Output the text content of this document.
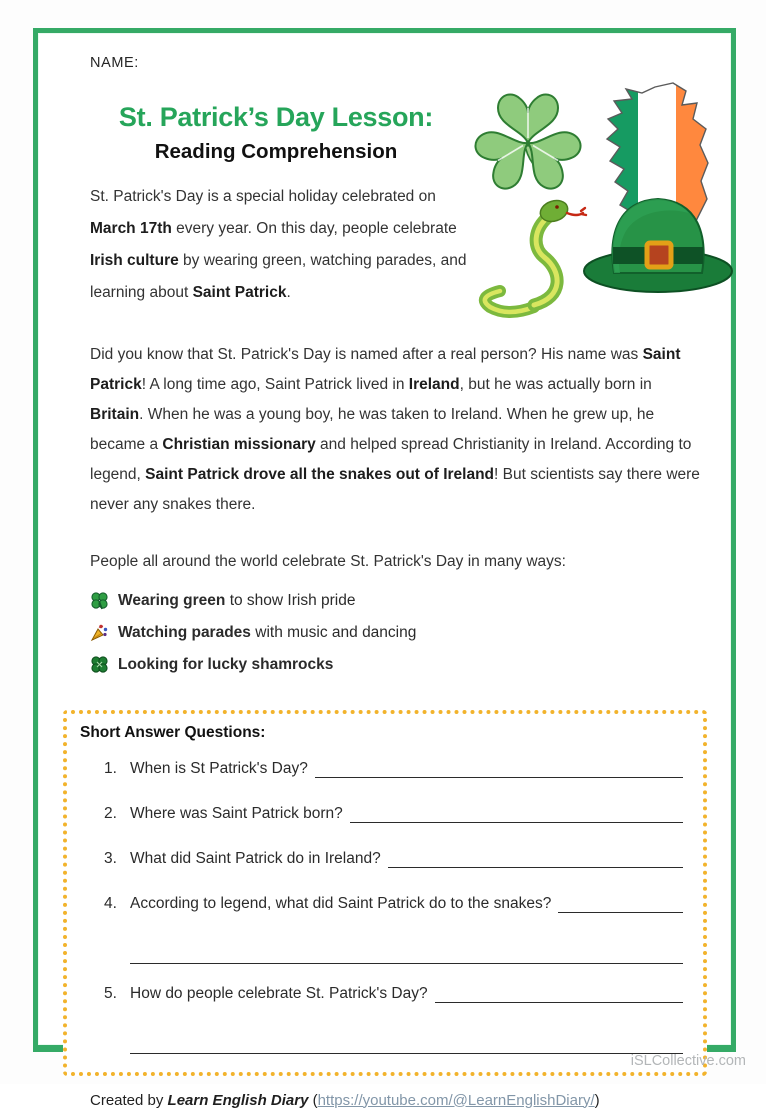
NAME:
St. Patrick’s Day Lesson:
Reading Comprehension

St. Patrick's Day is a special holiday celebrated on March 17th every year. On this day, people celebrate Irish culture by wearing green, watching parades, and learning about Saint Patrick.

Did you know that St. Patrick's Day is named after a real person? His name was Saint Patrick! A long time ago, Saint Patrick lived in Ireland, but he was actually born in Britain. When he was a young boy, he was taken to Ireland. When he grew up, he became a Christian missionary and helped spread Christianity in Ireland. According to legend, Saint Patrick drove all the snakes out of Ireland! But scientists say there were never any snakes there.

People all around the world celebrate St. Patrick's Day in many ways:

Wearing green to show Irish pride
Watching parades with music and dancing
Looking for lucky shamrocks
Short Answer Questions:
1. When is St Patrick's Day?
2. Where was Saint Patrick born?
3. What did Saint Patrick do in Ireland?
4. According to legend, what did Saint Patrick do to the snakes?
5. How do people celebrate St. Patrick's Day?

Created by Learn English Diary (https://youtube.com/@LearnEnglishDiary/)

iSLCollective.com
